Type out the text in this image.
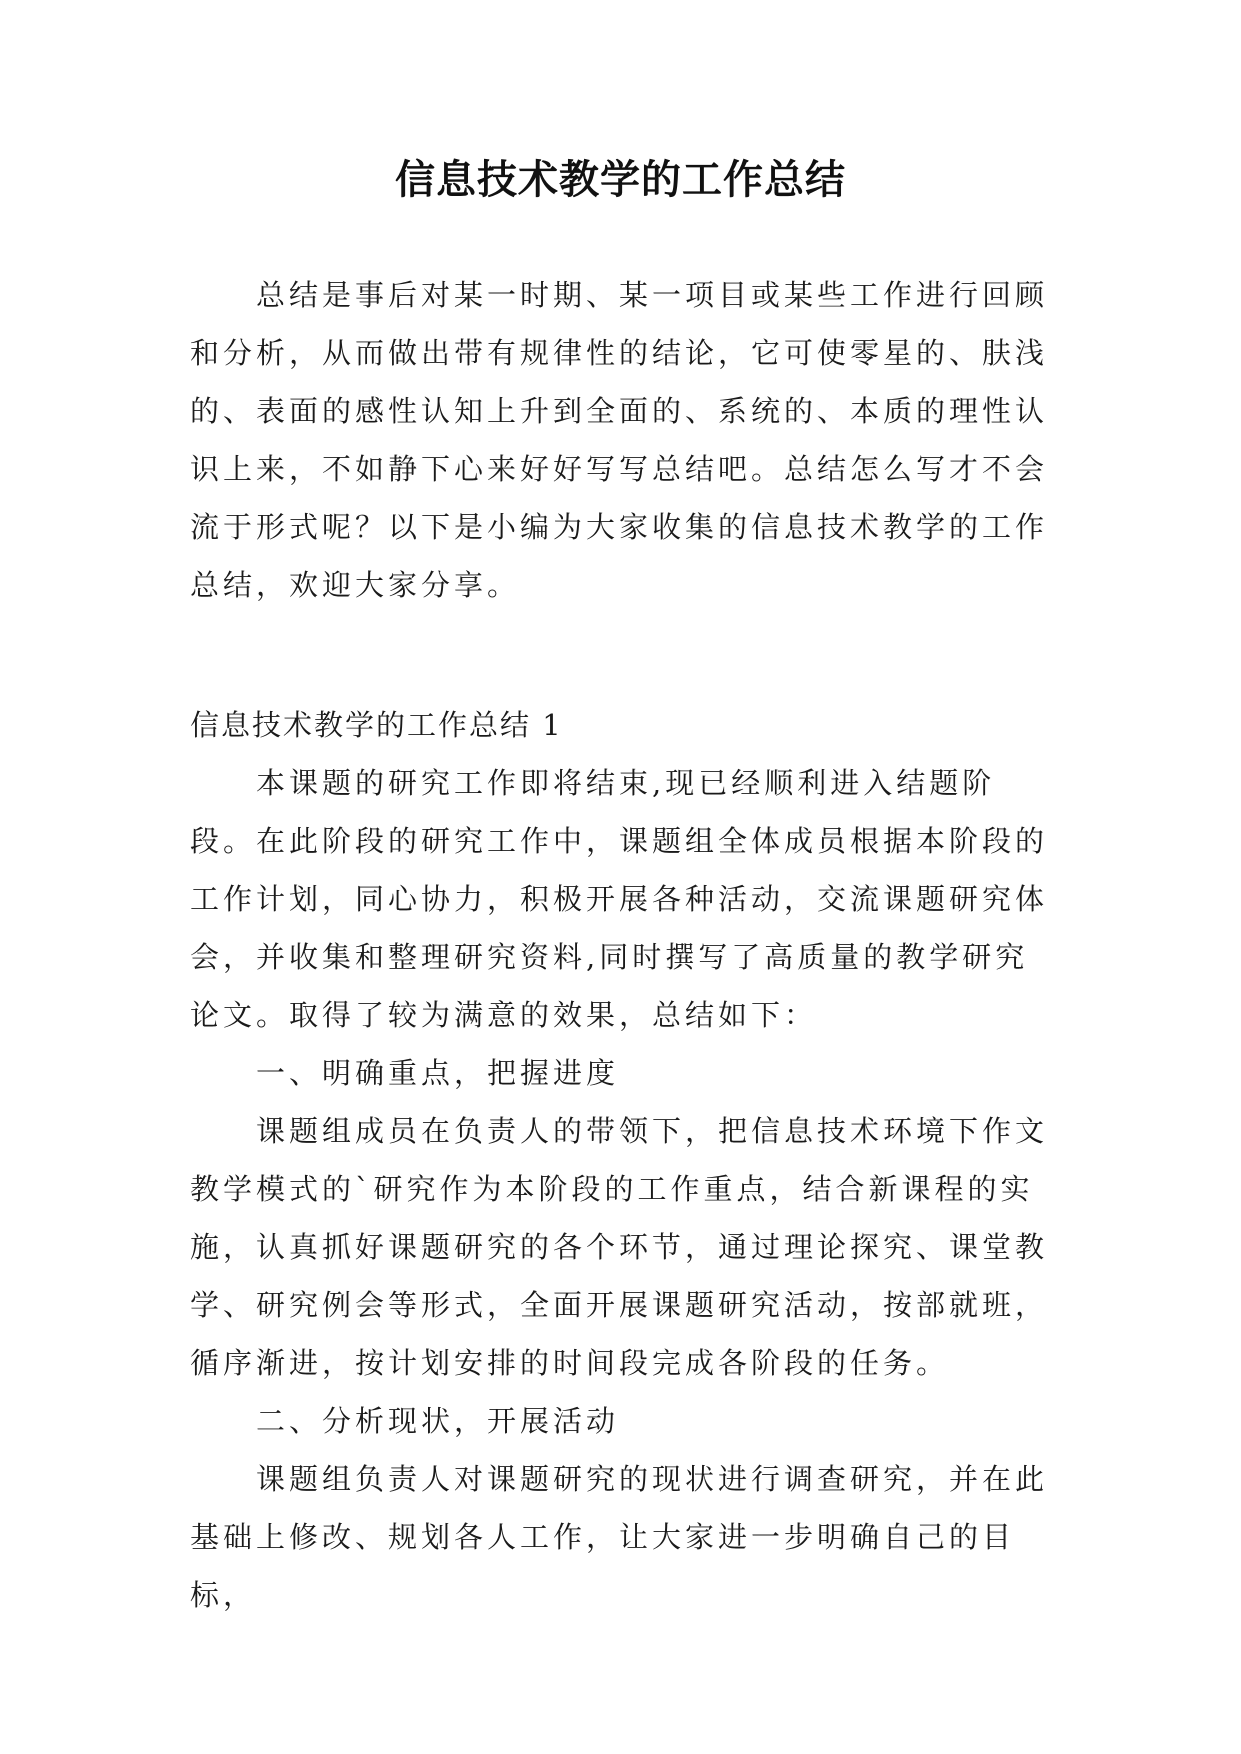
信息技术教学的工作总结

总结是事后对某一时期、某一项目或某些工作进行回顾和分析，从而做出带有规律性的结论，它可使零星的、肤浅的、表面的感性认知上升到全面的、系统的、本质的理性认识上来，不如静下心来好好写写总结吧。总结怎么写才不会流于形式呢？以下是小编为大家收集的信息技术教学的工作总结，欢迎大家分享。

信息技术教学的工作总结 1

本课题的研究工作即将结束,现已经顺利进入结题阶段。在此阶段的研究工作中，课题组全体成员根据本阶段的工作计划，同心协力，积极开展各种活动，交流课题研究体会，并收集和整理研究资料,同时撰写了高质量的教学研究论文。取得了较为满意的效果，总结如下：

一、明确重点，把握进度

课题组成员在负责人的带领下，把信息技术环境下作文教学模式的`研究作为本阶段的工作重点，结合新课程的实施，认真抓好课题研究的各个环节，通过理论探究、课堂教学、研究例会等形式，全面开展课题研究活动，按部就班，循序渐进，按计划安排的时间段完成各阶段的任务。

二、分析现状，开展活动

课题组负责人对课题研究的现状进行调查研究，并在此基础上修改、规划各人工作，让大家进一步明确自己的目标，
